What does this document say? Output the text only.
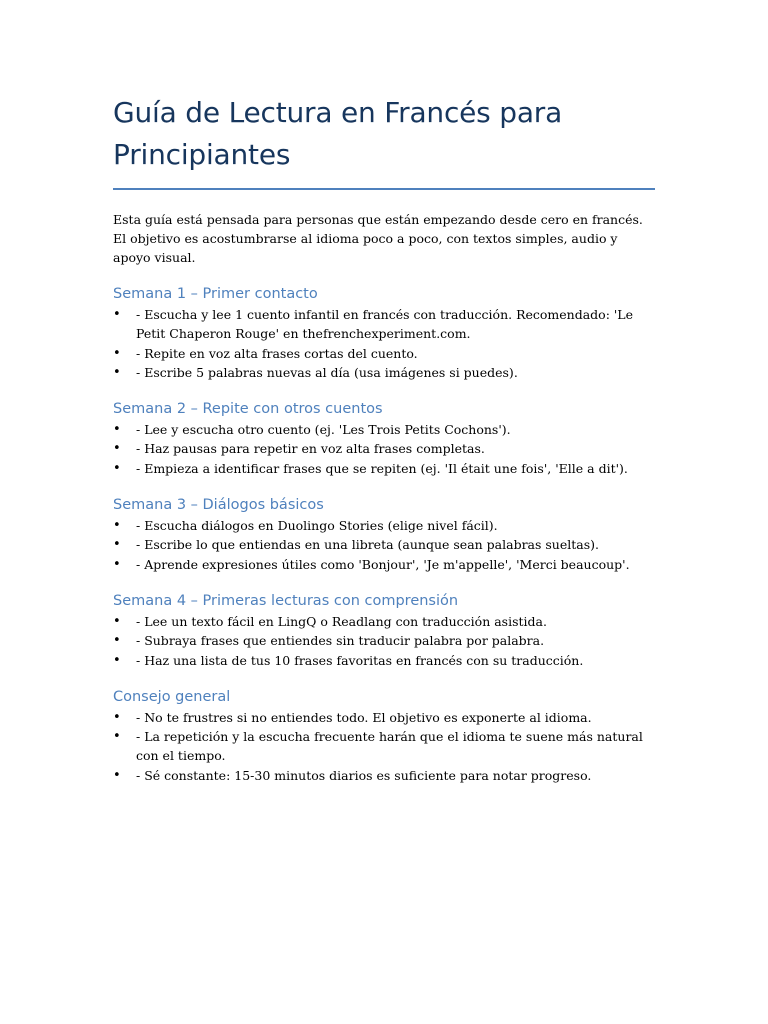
Guía de Lectura en Francés para Principiantes

Esta guía está pensada para personas que están empezando desde cero en francés. El objetivo es acostumbrarse al idioma poco a poco, con textos simples, audio y apoyo visual.

Semana 1 – Primer contacto
• - Escucha y lee 1 cuento infantil en francés con traducción. Recomendado: 'Le Petit Chaperon Rouge' en thefrenchexperiment.com.
• - Repite en voz alta frases cortas del cuento.
• - Escribe 5 palabras nuevas al día (usa imágenes si puedes).
Semana 2 – Repite con otros cuentos
• - Lee y escucha otro cuento (ej. 'Les Trois Petits Cochons').
• - Haz pausas para repetir en voz alta frases completas.
• - Empieza a identificar frases que se repiten (ej. 'Il était une fois', 'Elle a dit').
Semana 3 – Diálogos básicos
• - Escucha diálogos en Duolingo Stories (elige nivel fácil).
• - Escribe lo que entiendas en una libreta (aunque sean palabras sueltas).
• - Aprende expresiones útiles como 'Bonjour', 'Je m'appelle', 'Merci beaucoup'.
Semana 4 – Primeras lecturas con comprensión
• - Lee un texto fácil en LingQ o Readlang con traducción asistida.
• - Subraya frases que entiendes sin traducir palabra por palabra.
• - Haz una lista de tus 10 frases favoritas en francés con su traducción.
Consejo general
• - No te frustres si no entiendes todo. El objetivo es exponerte al idioma.
• - La repetición y la escucha frecuente harán que el idioma te suene más natural con el tiempo.
• - Sé constante: 15-30 minutos diarios es suficiente para notar progreso.
